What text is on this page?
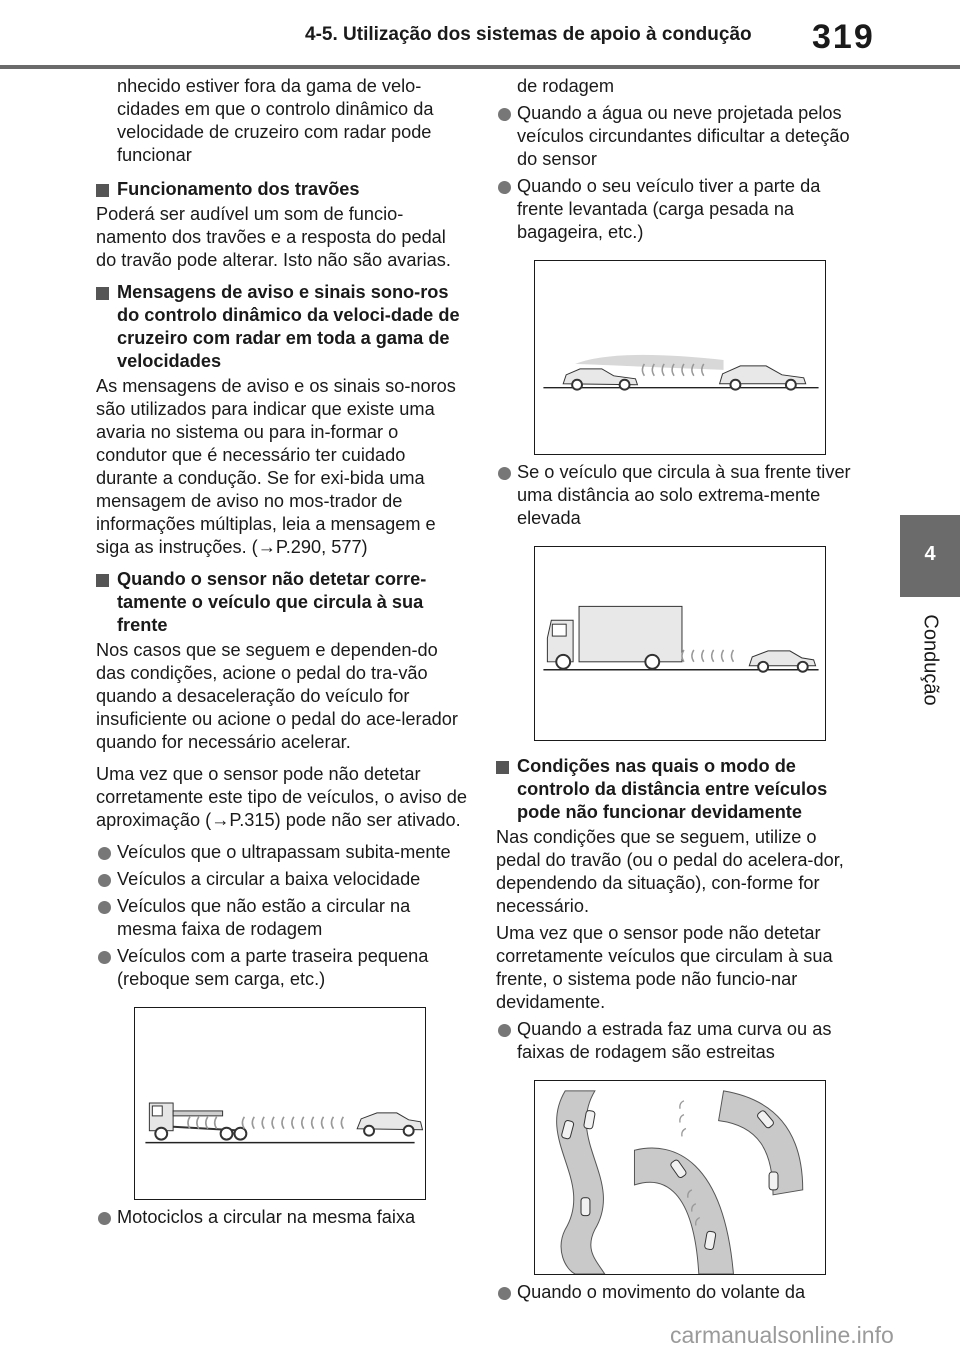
4-5. Utilização dos sistemas de apoio à condução	319
4
Condução
nhecido estiver fora da gama de velo-cidades em que o controlo dinâmico da velocidade de cruzeiro com radar pode funcionar
Funcionamento dos travões

Poderá ser audível um som de funcio-namento dos travões e a resposta do pedal do travão pode alterar. Isto não são avarias.

Mensagens de aviso e sinais sono-ros do controlo dinâmico da veloci-dade de cruzeiro com radar em toda a gama de velocidades

As mensagens de aviso e os sinais so-noros são utilizados para indicar que existe uma avaria no sistema ou para in-formar o condutor que é necessário ter cuidado durante a condução. Se for exi-bida uma mensagem de aviso no mos-trador de informações múltiplas, leia a mensagem e siga as instruções. (→P.290, 577)

Quando o sensor não detetar corre-tamente o veículo que circula à sua frente

Nos casos que se seguem e dependen-do das condições, acione o pedal do tra-vão quando a desaceleração do veículo for insuficiente ou acione o pedal do ace-lerador quando for necessário acelerar.

Uma vez que o sensor pode não detetar corretamente este tipo de veículos, o aviso de aproximação (→P.315) pode não ser ativado.

Veículos que o ultrapassam subita-mente
Veículos a circular a baixa velocidade
Veículos que não estão a circular na mesma faixa de rodagem
Veículos com a parte traseira pequena (reboque sem carga, etc.)
Motociclos a circular na mesma faixa
de rodagem
Quando a água ou neve projetada pelos veículos circundantes dificultar a deteção do sensor
Quando o seu veículo tiver a parte da frente levantada (carga pesada na bagageira, etc.)
Se o veículo que circula à sua frente tiver uma distância ao solo extrema-mente elevada
Condições nas quais o modo de controlo da distância entre veículos pode não funcionar devidamente

Nas condições que se seguem, utilize o pedal do travão (ou o pedal do acelera-dor, dependendo da situação), con-forme for necessário.

Uma vez que o sensor pode não detetar corretamente veículos que circulam à sua frente, o sistema pode não funcio-nar devidamente.

Quando a estrada faz uma curva ou as faixas de rodagem são estreitas
Quando o movimento do volante da
carmanualsonline.info
